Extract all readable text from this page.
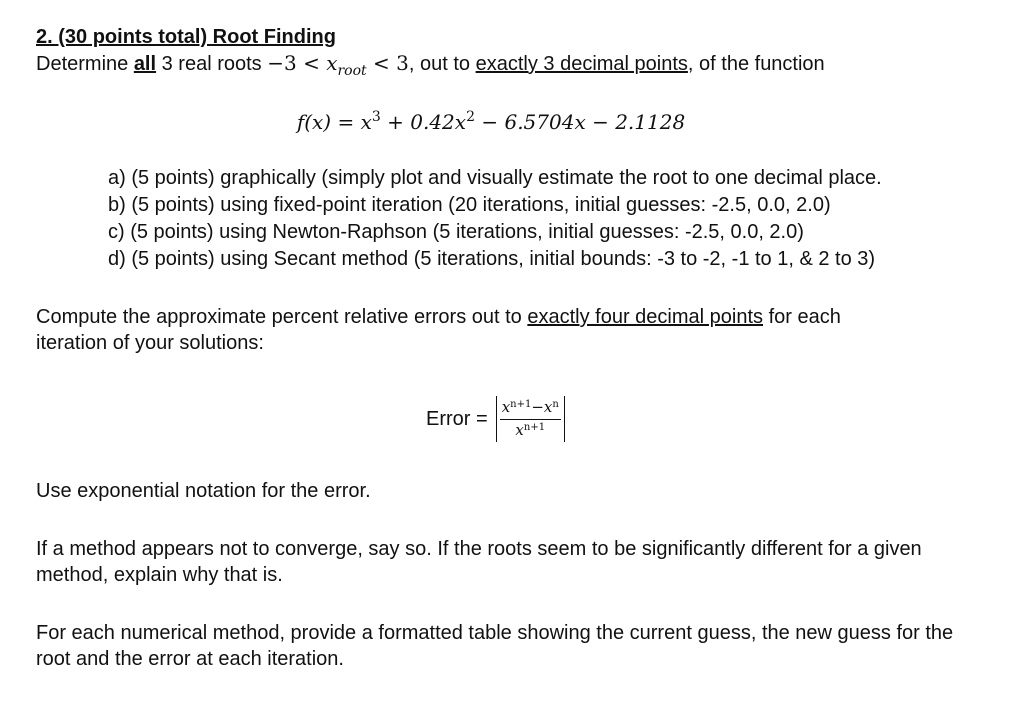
2. (30 points total) Root Finding

Determine all 3 real roots $-3 < x_{root} < 3$, out to exactly 3 decimal points, of the function

$f(x) = x^3 + 0.42x^2 - 6.5704x - 2.1128$

a) (5 points) graphically (simply plot and visually estimate the root to one decimal place.

b) (5 points) using fixed-point iteration (20 iterations, initial guesses: -2.5, 0.0, 2.0)

c) (5 points) using Newton-Raphson (5 iterations, initial guesses: -2.5, 0.0, 2.0)

d) (5 points) using Secant method (5 iterations, initial bounds: -3 to -2, -1 to 1, & 2 to 3)

Compute the approximate percent relative errors out to exactly four decimal points for each

iteration of your solutions:

Error = $\frac{x^{n+1}-x^n}{x^{n+1}}$

Use exponential notation for the error.

If a method appears not to converge, say so. If the roots seem to be significantly different for a given method, explain why that is.

For each numerical method, provide a formatted table showing the current guess, the new guess for the root and the error at each iteration.
